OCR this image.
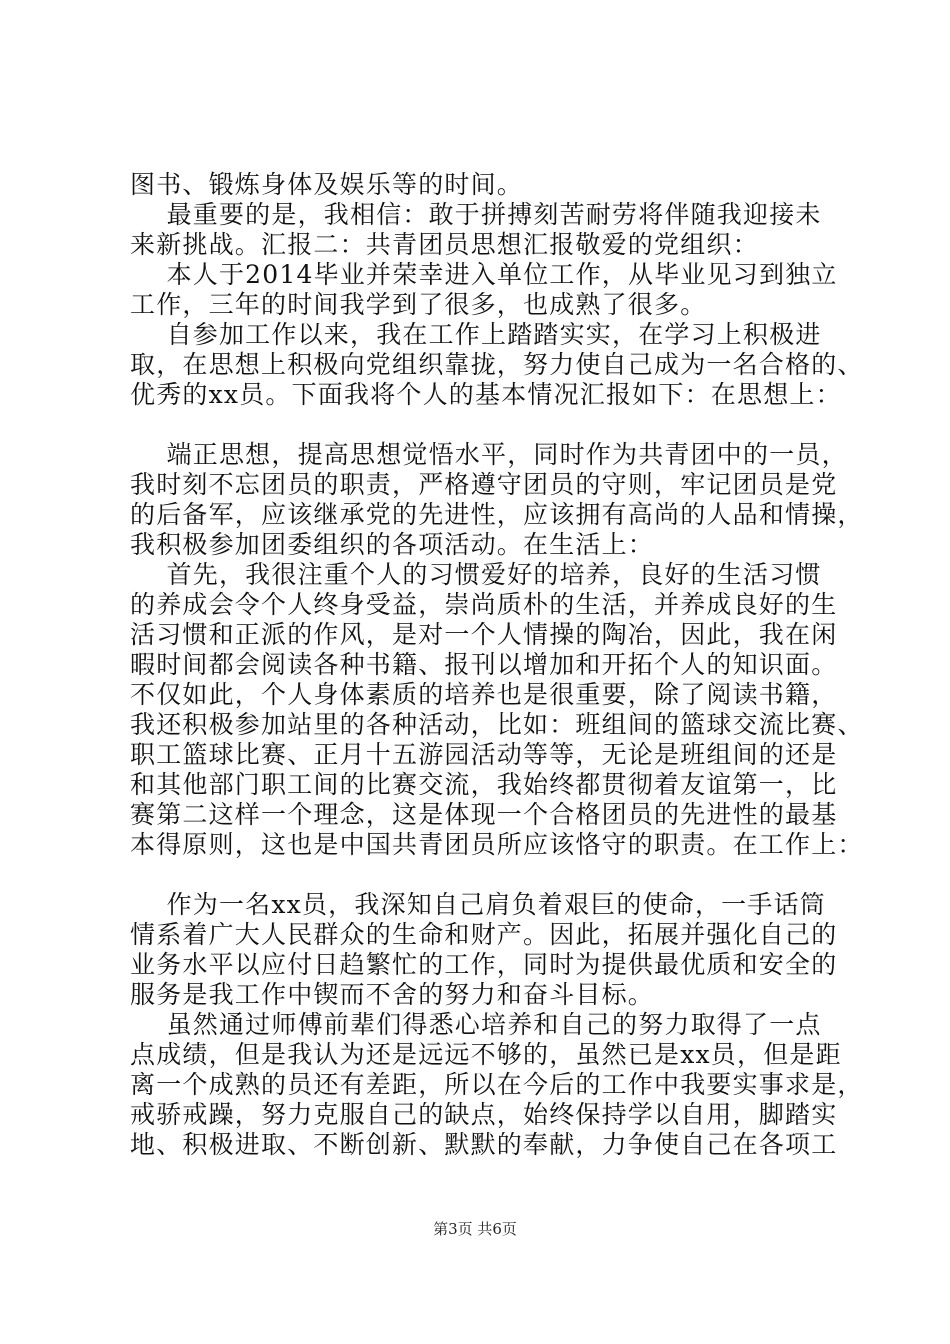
图书、锻炼身体及娱乐等的时间。
最重要的是，我相信：敢于拼搏刻苦耐劳将伴随我迎接未
来新挑战。汇报二：共青团员思想汇报敬爱的党组织：
本人于2014毕业并荣幸进入单位工作，从毕业见习到独立
工作，三年的时间我学到了很多，也成熟了很多。
自参加工作以来，我在工作上踏踏实实，在学习上积极进
取，在思想上积极向党组织靠拢，努力使自己成为一名合格的、
优秀的xx员。下面我将个人的基本情况汇报如下：在思想上：
端正思想，提高思想觉悟水平，同时作为共青团中的一员，
我时刻不忘团员的职责，严格遵守团员的守则，牢记团员是党
的后备军，应该继承党的先进性，应该拥有高尚的人品和情操，
我积极参加团委组织的各项活动。在生活上：
首先，我很注重个人的习惯爱好的培养，良好的生活习惯
的养成会令个人终身受益，崇尚质朴的生活，并养成良好的生
活习惯和正派的作风，是对一个人情操的陶冶，因此，我在闲
暇时间都会阅读各种书籍、报刊以增加和开拓个人的知识面。
不仅如此，个人身体素质的培养也是很重要，除了阅读书籍，
我还积极参加站里的各种活动，比如：班组间的篮球交流比赛、
职工篮球比赛、正月十五游园活动等等，无论是班组间的还是
和其他部门职工间的比赛交流，我始终都贯彻着友谊第一，比
赛第二这样一个理念，这是体现一个合格团员的先进性的最基
本得原则，这也是中国共青团员所应该恪守的职责。在工作上：
作为一名xx员，我深知自己肩负着艰巨的使命，一手话筒
情系着广大人民群众的生命和财产。因此，拓展并强化自己的
业务水平以应付日趋繁忙的工作，同时为提供最优质和安全的
服务是我工作中锲而不舍的努力和奋斗目标。
虽然通过师傅前辈们得悉心培养和自己的努力取得了一点
点成绩，但是我认为还是远远不够的，虽然已是xx员，但是距
离一个成熟的员还有差距，所以在今后的工作中我要实事求是，
戒骄戒躁，努力克服自己的缺点，始终保持学以自用，脚踏实
地、积极进取、不断创新、默默的奉献，力争使自己在各项工
第3页 共6页
